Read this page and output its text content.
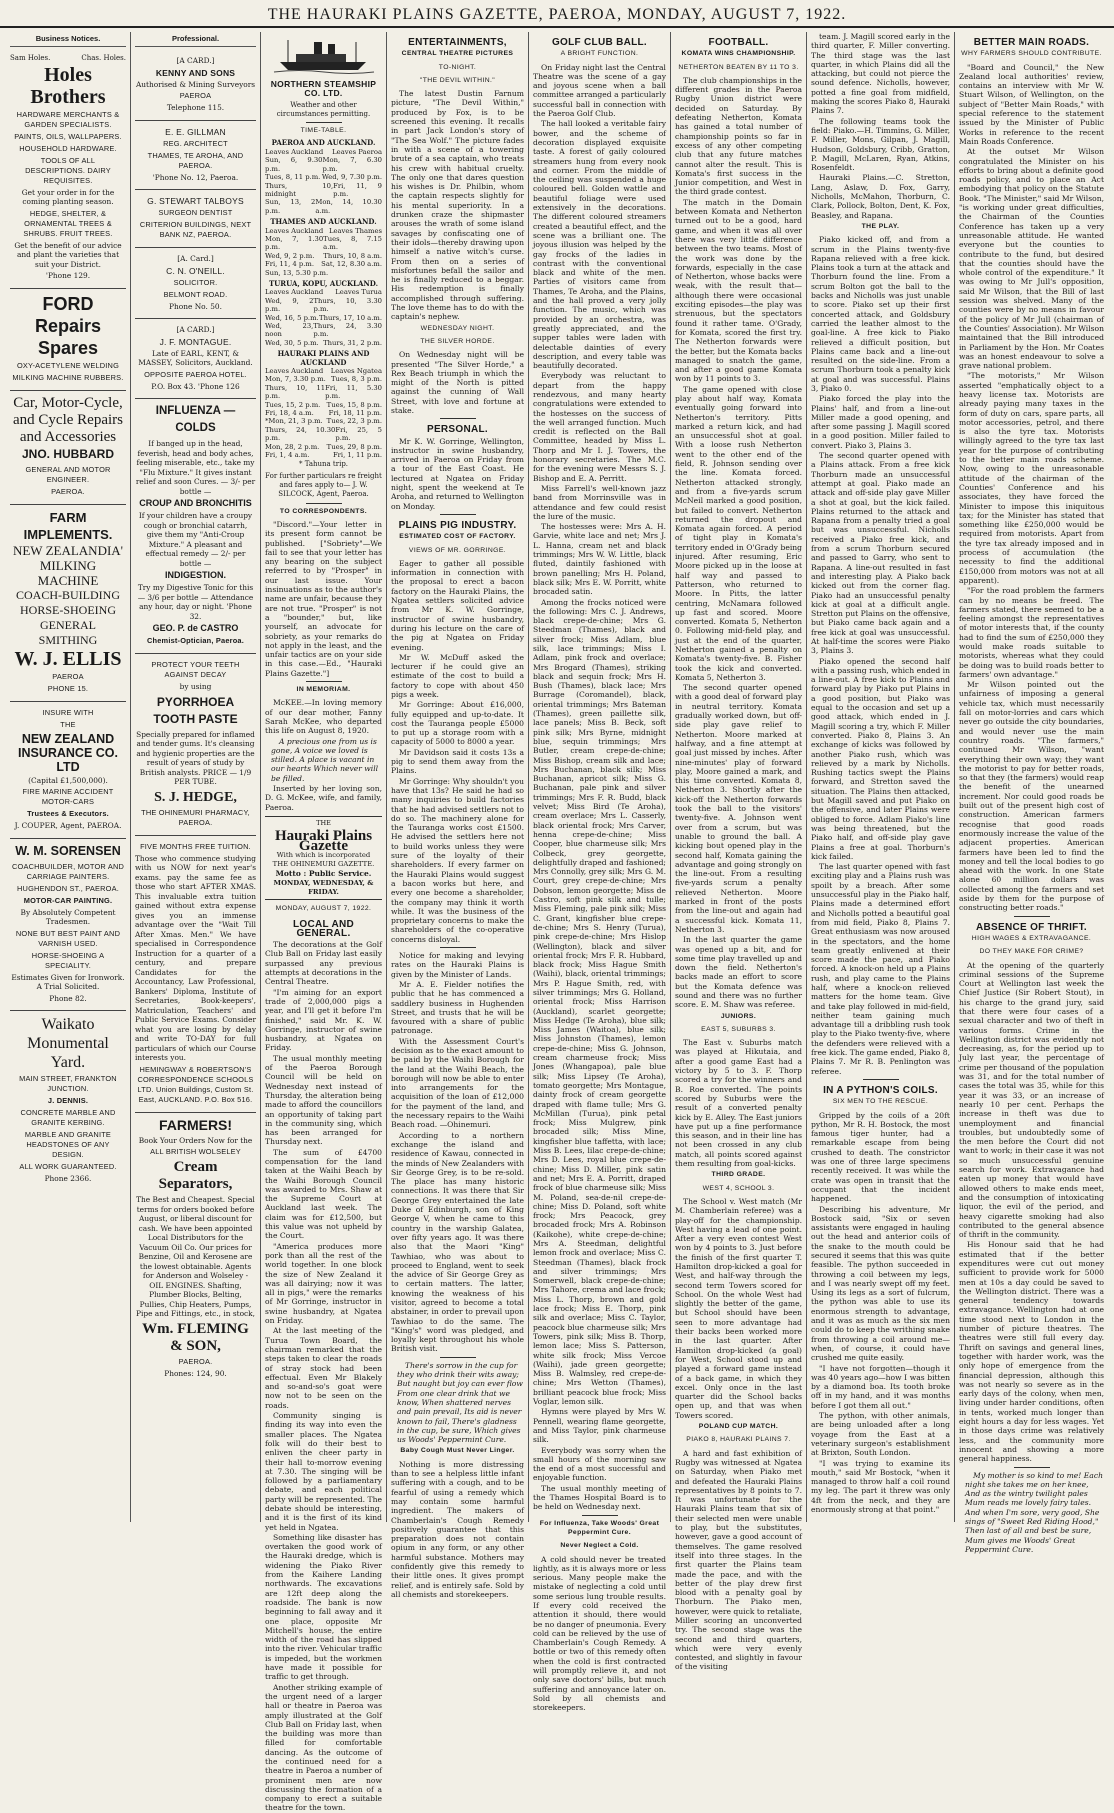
THE HAURAKI PLAINS GAZETTE, PAEROA, MONDAY, AUGUST 7, 1922.
Business Notices.
Sam Holes.	Chas. Holes.
Holes Brothers

HARDWARE MERCHANTS & GARDEN SPECIALISTS.

PAINTS, OILS, WALLPAPERS.

HOUSEHOLD HARDWARE.

TOOLS OF ALL DESCRIPTIONS. DAIRY REQUISITES.

Get your order in for the coming planting season.

HEDGE, SHELTER, & ORNAMENTAL TREES & SHRUBS. FRUIT TREES.

Get the benefit of our advice and plant the varieties that suit your District.

'Phone 129.

FORD Repairs Spares

OXY-ACETYLENE WELDING

MILKING MACHINE RUBBERS.

Car, Motor-Cycle, and Cycle Repairs and Accessories
JNO. HUBBARD

GENERAL AND MOTOR ENGINEER.

PAEROA.

FARM IMPLEMENTS.
NEW ZEALANDIA' MILKING MACHINE
COACH-BUILDING HORSE-SHOEING GENERAL SMITHING
W. J. ELLIS

PAEROA

PHONE 15.

INSURE WITH

THE

NEW ZEALAND INSURANCE CO. LTD

(Capital £1,500,000).

FIRE MARINE ACCIDENT MOTOR-CARS

Trustees & Executors.

J. COUPER, Agent, PAEROA.

W. M. SORENSEN

COACHBUILDER, MOTOR AND CARRIAGE PAINTERS.

HUGHENDON ST., PAEROA.

MOTOR-CAR PAINTING.

By Absolutely Competent Tradesmen.

NONE BUT BEST PAINT AND VARNISH USED.

HORSE-SHOEING A SPECIALITY.

Estimates Given for Ironwork. A Trial Solicited.

Phone 82.

Waikato Monumental Yard.

MAIN STREET, FRANKTON JUNCTION.

J. DENNIS.

CONCRETE MARBLE AND GRANITE KERBING.

MARBLE AND GRANITE HEADSTONES OF ANY DESIGN.

ALL WORK GUARANTEED.

Phone 2366.

Professional.

[A CARD.]

KENNY AND SONS

Authorised & Mining Surveyors

PAEROA

Telephone 115.

E. E. GILLMAN

REG. ARCHITECT

THAMES, TE AROHA, AND PAEROA.

'Phone No. 12, Paeroa.

G. STEWART TALBOYS

SURGEON DENTIST

CRITERION BUILDINGS, NEXT BANK NZ, PAEROA.

[A. Card.]

C. N. O'NEILL.

SOLICITOR.

BELMONT ROAD.

Phone No. 50.

[A CARD.]

J. F. MONTAGUE.

Late of EARL, KENT, & MASSEY, Solicitors, Auckland.

OPPOSITE PAEROA HOTEL.

P.O. Box 43. 'Phone 126

INFLUENZA — COLDS

If banged up in the head, feverish, head and body aches, feeling miserable, etc., take my "Flu Mixture." It gives instant relief and soon Cures. — 3/- per bottle —

CROUP AND BRONCHITIS

If your children have a croupy cough or bronchial catarrh, give them my "Anti-Croup Mixture." A pleasant and effectual remedy — 2/- per bottle —

INDIGESTION.

Try my Digestive Tonic for this — 3/6 per bottle — Attendance any hour, day or night. 'Phone 32.

GEO. P. de CASTRO

Chemist-Optician, Paeroa.

PROTECT YOUR TEETH AGAINST DECAY

by using

PYORRHOEA TOOTH PASTE

Specially prepared for inflamed and tender gums. It's cleansing and hygienic properties are the result of years of study by British analysts. PRICE — 1/9 PER TUBE.

S. J. HEDGE,

THE OHINEMURI PHARMACY, PAEROA.

FIVE MONTHS FREE TUITION.

Those who commence studying with us NOW for next year's exams. pay the same fee as those who start AFTER XMAS. This invaluable extra tuition gained without extra expense gives you an immense advantage over the "Wait Till After Xmas. Men." We have specialised in Correspondence Instruction for a quarter of a century, and prepare Candidates for the Accountancy, Law Professional, Bankers' Diploma, Institute of Secretaries, Book-keepers', Matriculation, Teachers' and Public Service Exams. Consider what you are losing by delay and write TO-DAY for full particulars of which our Course interests you.

HEMINGWAY & ROBERTSON'S CORRESPONDENCE SCHOOLS LTD. Union Buildings, Custom St. East, AUCKLAND. P.O. Box 516.

FARMERS!

Book Your Orders Now for the

ALL BRITISH WOLSELEY

Cream Separators,

The Best and Cheapest. Special terms for orders booked before August, or liberal discount for cash. We have been appointed Local Distributors for the Vacuum Oil Co. Our prices for Benzine, Oil and Kerosene are the lowest obtainable. Agents for Anderson and Wolseley - OIL ENGINES. Shafting, Plumber Blocks, Belting, Pullies, Chip Heaters, Pumps, Pipe and Fittings, etc., in stock,

Wm. FLEMING & SON,

PAEROA.

Phones: 124, 90.

NORTHERN STEAMSHIP CO. LTD.
Weather and other circumstances permitting.
TIME-TABLE.
PAEROA AND AUCKLAND.
Leaves Auckland Leaves Paeroa
Sun, 6, 9.30 p.m.
Mon, 7, 6.30 p.m.
Tues, 8, 11 p.m. Wed, 9, 7.30 p.m.
Thurs, 10, midnight
Fri, 11, 9 p.m.
Sun, 13, 2 p.m.
Mon, 14, 10.30 a.m.
THAMES AND AUCKLAND.
Leaves Auckland Leaves Thames
Mon, 7, 1.30 p.m.
Tues, 8, 7.15 a.m.
Wed, 9, 2 p.m. Thurs, 10, 8 a.m.
Fri, 11, 4 p.m. Sat, 12, 8.30 a.m.
Sun, 13, 5.30 p.m.
TURUA, KOPU, AUCKLAND.
Leaves Auckland Leaves Turua
Wed, 9, 2 p.m.
Thurs, 10, 3.30 p.m.
Wed, 16, 5 p.m. Thurs, 17, 10 a.m.
Wed, 23, noon
Thurs, 24, 3.30 p.m.
Wed, 30, 5 p.m. Thurs, 31, 2 p.m.
HAURAKI PLAINS AND AUCKLAND
Leaves Auckland Leaves Ngatea
Mon, 7, 3.30 p.m. Tues, 8, 3 p.m.
Thurs, 10, 11 p.m.
Fri, 11, 5.30 p.m.
Tues, 15, 2 p.m. Tues, 15, 8 p.m.
Fri, 18, 4 a.m. Fri, 18, 11 p.m.
*Mon, 21, 3 p.m. Tues, 22, 3 p.m.
Thurs, 24, 10.30 p.m.
Fri, 25, 5 p.m.
Mon, 28, 2 p.m. Tues, 29, 8 p.m.
Fri, 1, 4 a.m.	Fri, 1, 11 p.m.
* Tahuna trip.
For further particulars re freight and fares apply to— J. W. SILCOCK, Agent, Paeroa.
TO CORRESPONDENTS.

"Discord."—Your letter in its present form cannot be published. ["Sobriety"—We fail to see that your letter has any bearing on the subject referred to by "Prosper" in our last issue. Your insinuations as to the author's name are unfair, because they are not true. "Prosper" is not a "bounder," but, like yourself, an advocate for sobriety, as your remarks do not apply in the least, and the unfair tactics are on your side in this case.—Ed., "Hauraki Plains Gazette."]

IN MEMORIAM.

McKEE.—In loving memory of our dear mother, Fanny Sarah McKee, who departed this life on August 8, 1920.

A precious one from us is gone, A voice we loved is stilled. A place is vacant in our hearts Which never will be filled.

Inserted by her loving son, D. G. McKee, wife, and family, Paeroa.

THE
Hauraki Plains Gazette
With which is incorporated
THE OHINEMURI GAZETTE.
Motto : Public Service.
MONDAY, WEDNESDAY, & FRIDAY.
MONDAY, AUGUST 7, 1922.
LOCAL AND GENERAL.

The decorations at the Golf Club Ball on Friday last easily surpassed any previous attempts at decorations in the Central Theatre.

"I'm aiming for an export trade of 2,000,000 pigs a year, and I'll get it before I'm finished," said Mr. K. W. Gorringe, instructor of swine husbandry, at Ngatea on Friday.

The usual monthly meeting of the Paeroa Borough Council will be held on Wednesday next instead of Thursday, the alteration being made to afford the councillors an opportunity of taking part in the community sing, which has been arranged for Thursday next.

The sum of £4700 compensation for the land taken at the Waihi Beach by the Waihi Borough Council was awarded to Mrs. Shaw at the Supreme Court at Auckland last week. The claim was for £12,500, but this value was not upheld by the Court.

"America produces more pork than all the rest of the world together. In one block the size of New Zealand it was all dairying; now it was all in pigs," were the remarks of Mr Gorringe, instructor in swine husbandry, at Ngatea on Friday.

At the last meeting of the Turua Town Board, the chairman remarked that the steps taken to clear the roads of stray stock had been effectual. Even Mr Blakely and so-and-so's goat were now not to be seen on the roads.

Community singing is finding its way into even the smaller places. The Ngatea folk will do their best to enliven the cheer party in their hall to-morrow evening at 7.30. The singing will be followed by a parliamentary debate, and each political party will be represented. The debate should be interesting, and it is the first of its kind yet held in Ngatea.

Something like disaster has overtaken the good work of the Hauraki dredge, which is widening the Piako River from the Kaihere Landing northwards. The excavations are 12ft deep along the roadside. The bank is now beginning to fall away and it one place, opposite Mr Mitchell's house, the entire width of the road has slipped into the river. Vehicular traffic is impeded, but the workmen have made it possible for traffic to get through.

Another striking example of the urgent need of a larger hall or theatre in Paeroa was amply illustrated at the Golf Club Ball on Friday last, when the building was more than filled for comfortable dancing. As the outcome of the continued need for a theatre in Paeroa a number of prominent men are now discussing the formation of a company to erect a suitable theatre for the town.

ENTERTAINMENTS,
CENTRAL THEATRE PICTURES
TO-NIGHT.
"THE DEVIL WITHIN."

The latest Dustin Farnum picture, "The Devil Within," produced by Fox, is to be screened this evening. It recalls in part Jack London's story of "The Sea Wolf." The picture fades in with a scene of a towering brute of a sea captain, who treats his crew with habitual cruelty. The only one that dares question his wishes is Dr. Philbin, whom the captain respects slightly for his mental superiority. In a drunken craze the shipmaster arouses the wrath of some island savages by confiscating one of their idols—thereby drawing upon himself a native witch's curse. From then on a series of misfortunes befall the sailor and he is finally reduced to a beggar. His redemption is finally accomplished through suffering. The love theme has to do with the captain's nephew.

WEDNESDAY NIGHT.
THE SILVER HORDE.

On Wednesday night will be presented "The Silver Horde," a Rex Beach triumph in which the might of the North is pitted against the cunning of Wall Street, with love and fortune at stake.

PERSONAL.

Mr K. W. Gorringe, Wellington, instructor in swine husbandry, arrived in Paeroa on Friday from a tour of the East Coast. He lectured at Ngatea on Friday night, spent the weekend at Te Aroha, and returned to Wellington on Monday.

PLAINS PIG INDUSTRY.
ESTIMATED COST OF FACTORY.
VIEWS OF MR. GORRINGE.

Eager to gather all possible information in connection with the proposal to erect a bacon factory on the Hauraki Plains, the Ngatea settlers solicited advice from Mr K. W. Gorringe, instructor of swine husbandry, during his lecture on the care of the pig at Ngatea on Friday evening.

Mr W. McDuff asked the lecturer if he could give an estimate of the cost to build a factory to cope with about 450 pigs a week.

Mr Gorringe: About £16,000, fully equipped and up-to-date. It cost the Tauranga people £5000 to put up a storage room with a capacity of 5000 to 8000 a year.

Mr Davidson said it costs 13s a pig to send them away from the Plains.

Mr Gorringe: Why shouldn't you have that 13s? He said he had so many inquiries to build factories that he had advised settlers not to do so. The machinery alone for the Tauranga works cost £1500. He advised the settlers here not to build works unless they were sure of the loyalty of their shareholders. If every farmer on the Hauraki Plains would suggest a bacon works but here, and every one become a shareholder, the company may think it worth while. It was the business of the proprietary concerns to make the shareholders of the co-operative concerns disloyal.

Notice for making and levying rates on the Hauraki Plains is given by the Minister of Lands.

Mr A. E. Fielder notifies the public that he has commenced a saddlery business in Hughenden Street, and trusts that he will be favoured with a share of public patronage.

With the Assessment Court's decision as to the exact amount to be paid by the Waihi Borough for the land at the Waihi Beach, the borough will now be able to enter into arrangements for the acquisition of the loan of £12,000 for the payment of the land, and the necessary repairs to the Waihi Beach road. —Ohinemuri.

According to a northern exchange the island and residence of Kawau, connected in the minds of New Zealanders with Sir George Grey, is to be re-sold. The place has many historic connections. It was there that Sir George Grey entertained the late Duke of Edinburgh, son of King George V, when he came to this country in the warship Galatea, over fifty years ago. It was there also that the Maori "King" Tawhiao, who was about to proceed to England, went to seek the advice of Sir George Grey as to certain matters. The latter, knowing the weakness of his visitor, agreed to become a total abstainer, in order to prevail upon Tawhiao to do the same. The "King's" word was pledged, and loyally kept throughout his whole British visit.

There's sorrow in the cup for they who drink their wits away; But naught but joy can ever flow From one clear drink that we know, When shattered nerves and pain prevail, Its aid is never known to fail, There's gladness in the cup, be sure, Which gives us Woods' Peppermint Cure.

Baby Cough Must Never Linger.

Nothing is more distressing than to see a helpless little infant suffering with a cough, and to be fearful of using a remedy which may contain some harmful ingredient. The makers of Chamberlain's Cough Remedy positively guarantee that this preparation does not contain opium in any form, or any other harmful substance. Mothers may confidently give this remedy to their little ones. It gives prompt relief, and is entirely safe. Sold by all chemists and storekeepers.

GOLF CLUB BALL.
A BRIGHT FUNCTION.

On Friday night last the Central Theatre was the scene of a gay and joyous scene when a ball committee arranged a particularly successful ball in connection with the Paeroa Golf Club.

The hall looked a veritable fairy bower, and the scheme of decoration displayed exquisite taste. A forest of gaily coloured streamers hung from every nook and corner. From the middle of the ceiling was suspended a huge coloured bell. Golden wattle and beautiful foliage were used extensively in the decorations. The different coloured streamers created a beautiful effect, and the scene was a brilliant one. The joyous illusion was helped by the gay frocks of the ladies in contrast with the conventional black and white of the men. Parties of visitors came from Thames, Te Aroha, and the Plains, and the hall proved a very jolly function. The music, which was provided by an orchestra, was greatly appreciated, and the supper tables were laden with delectable dainties of every description, and every table was beautifully decorated.

Everybody was reluctant to depart from the happy rendezvous, and many hearty congratulations were extended to the hostesses on the success of the well arranged function. Much credit is reflected on the Ball Committee, headed by Miss L. Thorp and Mr I. J. Towers, the honorary secretaries. The M.C. for the evening were Messrs S. J. Bishop and E. A. Perritt.

Miss Farrell's well-known jazz band from Morrinsville was in attendance and few could resist the lure of the music.

The hostesses were: Mrs A. H. Garvie, white lace and net; Mrs J. L. Hanna, cream net and black trimmings; Mrs W. W. Little, black fluted, daintily fashioned with brown panelling; Mrs H. Poland, black silk; Mrs E. W. Porritt, white brocaded satin.

Among the frocks noticed were the following: Mrs C. J. Andrews, black crepe-de-chine; Mrs G. Steedman (Thames), black and silver frock; Miss Adlam, blue silk, lace trimmings; Miss I. Adlam, pink frock and overlace; Mrs Brogard (Thames), striking black and sequin frock; Mrs H. Bush (Thames), black lace; Mrs Burrage (Coromandel), black, oriental trimmings; Mrs Bateman (Thames), green paillette silk, lace panels; Miss B. Beck, soft pink silk; Mrs Byrne, midnight blue, sequin trimmings; Mrs Butler, cream crepe-de-chine; Miss Bishop, cream silk and lace; Mrs Buchanan, black silk; Miss Buchanan, apricot silk; Miss G. Buchanan, pale pink and silver trimmings; Mrs F. R. Budd, black velvet; Miss Bird (Te Aroha), cream overlace; Mrs L. Casserly, black oriental frock; Mrs Carver, henna crepe-de-chine; Miss Cooper, blue charmeuse silk; Mrs Colbeck, grey georgette, delightfully draped and fashioned; Mrs Connolly, grey silk; Mrs G. M. Court, grey crepe-de-chine; Mrs Dobson, lemon georgette; Miss de Castro, soft pink silk and tulle; Miss Fleming, pale pink silk; Miss C. Grant, kingfisher blue crepe-de-chine; Mrs S. Henry (Turua), pink crepe-de-chine; Mrs Hislop (Wellington), black and silver oriental frock; Mrs F. R. Hubbard, black frock; Miss Hague Smith (Waihi), black, oriental trimmings; Mrs P. Hague Smith, red, with silver trimmings; Mrs G. Holland, oriental frock; Miss Harrison (Auckland), scarlet georgette; Miss Hedge (Te Aroha), blue silk; Miss James (Waitoa), blue silk; Miss Johnston (Thames), lemon crepe-de-chine; Miss G. Johnson, cream charmeuse frock; Miss Jones (Whangapoa), pale blue silk; Miss Lipsey (Te Aroha), tomato georgette; Mrs Montague, dainty frock of cream georgette draped with flame tulle; Mrs G. McMillan (Turua), pink petal frock; Miss Mulgrew, pink brocaded silk; Miss Mine, kingfisher blue taffetta, with lace; Miss B. Lees, lilac crepe-de-chine; Mrs D. Lees, royal blue crepe-de-chine; Miss D. Miller, pink satin and net; Mrs E. A. Porritt, draped frock of blue charmeuse silk; Miss M. Poland, sea-de-nil crepe-de-chine; Miss D. Poland, soft white frock; Mrs Peacock, grey brocaded frock; Mrs A. Robinson (Kaikohe), white crepe-de-chine; Mrs A. Steedman, delightful lemon frock and overlace; Miss C. Steedman (Thames), black frock and silver trimmings; Mrs Somerwell, black crepe-de-chine; Mrs Tahore, crema and lace frock; Miss L. Thorp, brown and gold lace frock; Miss E. Thorp, pink silk and overlace; Miss C. Taylor, peacock blue charmeuse silk; Mrs Towers, pink silk; Miss B. Thorp, lemon lace; Miss S. Patterson, white silk frock; Miss Vercoe (Waihi), jade green georgette; Miss B. Walmsley, red crepe-de-chine; Mrs Wetton (Thames), brilliant peacock blue frock; Miss Voglar, lemon silk.

Hymns were played by Mrs W. Pennell, wearing flame georgette, and Miss Taylor, pink charmeuse silk.

Everybody was sorry when the small hours of the morning saw the end of a most successful and enjoyable function.

The usual monthly meeting of the Thames Hospital Board is to be held on Wednesday next.

For Influenza, Take Woods' Great Peppermint Cure.
Never Neglect a Cold.

A cold should never be treated lightly, as it is always more or less serious. Many people make the mistake of neglecting a cold until some serious lung trouble results. If every cold received the attention it should, there would be no danger of pneumonia. Every cold can be relieved by the use of Chamberlain's Cough Remedy. A bottle or two of this remedy often when the cold is first contracted will promptly relieve it, and not only save doctors' bills, but much suffering and annoyance later on. Sold by all chemists and storekeepers.

FOOTBALL.
KOMATA WINS CHAMPIONSHIP.
NETHERTON BEATEN BY 11 TO 3.

The club championships in the different grades in the Paeroa Rugby Union district were decided on Saturday. By defeating Netherton, Komata has gained a total number of championship points so far in excess of any other competing club that any future matches cannot alter the result. This is Komata's first success in the Junior competition, and West in the third grade contest.

The match in the Domain between Komata and Netherton turned out to be a good, hard game, and when it was all over there was very little difference between the two teams. Most of the work was done by the forwards, especially in the case of Netherton, whose backs were weak, with the result that—although there were occasional exciting episodes—the play was strenuous, but the spectators found it rather tame. O'Grady, for Komata, scored the first try. The Netherton forwards were the better, but the Komata backs managed to snatch the game, and after a good game Komata won by 11 points to 3.

The game opened with close play about half way, Komata eventually going forward into Netherton's territory. Pitts marked a return kick, and had an unsuccessful shot at goal. With a loose rush Netherton went to the other end of the field, R. Johnson sending over the line. Komata forced. Netherton attacked strongly, and from a five-yards scrum McNeil marked a good position, but failed to convert. Netherton returned the dropout and Komata again forced. A period of tight play in Komata's territory ended in O'Grady being injured. After resuming, Eric Moore picked up in the loose at half way and passed to Patterson, who returned to Moore. In Pitts, the latter centring, McNamara followed up fast and scored. Moore converted. Komata 5, Netherton 0. Following mid-field play, and just at the end of the quarter, Netherton gained a penalty on Komata's twenty-five. B. Fisher took the kick and converted. Komata 5, Netherton 3.

The second quarter opened with a good deal of forward play in neutral territory. Komata gradually worked down, but off-side play gave relief to Netherton. Moore marked at halfway, and a fine attempt at goal just missed by inches. After nine-minutes' play of forward play, Moore gained a mark, and this time converted. Komata 8, Netherton 3. Shortly after the kick-off the Netherton forwards took the ball to the visitors' twenty-five. A. Johnson went over from a scrum, but was unable to ground the ball. A kicking bout opened play in the second half, Komata gaining the advantage and going strongly on the line-out. From a resulting five-yards scrum a penalty relieved Netherton. Moore marked in front of the posts from the line-out and again had a successful kick. Komata 11, Netherton 3.

In the last quarter the game was opened up a bit, and for some time play travelled up and down the field. Netherton's backs made an effort to score but the Komata defence was sound and there was no further score. E. M. Shaw was referee.

JUNIORS.
EAST 5, SUBURBS 3.

The East v. Suburbs match was played at Hikutaia, and after a good game East had a victory by 5 to 3. F. Thorp scored a try for the winners and B. Roe converted. The points scored by Suburbs were the result of a converted penalty kick by E. Alley. The East juniors have put up a fine performance this season, and in their line has not been crossed in any club match, all points scored against them resulting from goal-kicks.

THIRD GRADE.
WEST 4, SCHOOL 3.

The School v. West match (Mr M. Chamberlain referee) was a play-off for the championship. West having a lead of one point. After a very even contest West won by 4 points to 3. Just before the finish of the first quarter T. Hamilton drop-kicked a goal for West, and half-way through the second term Towers scored for School. On the whole West had slightly the better of the game, but School should have been seen to more advantage had their backs been worked more in the last quarter. After Hamilton drop-kicked (a goal) for West, School stood up and played a forward game instead of a back game, in which they excel. Only once in the last quarter did the School backs open up, and that was when Towers scored.

POLAND CUP MATCH.
PIAKO 8, HAURAKI PLAINS 7.

A hard and fast exhibition of Rugby was witnessed at Ngatea on Saturday, when Piako met and defeated the Hauraki Plains representatives by 8 points to 7. It was unfortunate for the Hauraki Plains team that six of their selected men were unable to play, but the substitutes, however, gave a good account of themselves. The game resolved itself into three stages. In the first quarter the Plains team made the pace, and with the better of the play drew first blood with a penalty goal by Thorburn. The Piako men, however, were quick to retaliate, Miller scoring an unconverted try. The second stage was the second and third quarters, which were very evenly contested, and slightly in favour of the visiting

team. J. Magill scored early in the third quarter, F. Miller converting. The third stage was the last quarter, in which Plains did all the attacking, but could not pierce the sound defence. Nicholls, however, potted a fine goal from midfield, making the scores Piako 8, Hauraki Plains 7.

The following teams took the field: Piako.—H. Timmins, G. Miller, F. Miller, Mons, Gilpan, J. Magill, Hudson, Goldsbury, Cribb, Gratton, P. Magill, McLaren, Ryan, Atkins, Rosenfeldt.

Hauraki Plains.—C. Stretton, Lang, Aslaw, D. Fox, Garry, Nicholls, McMahon, Thorburn, C. Clark, Pollock, Bolton, Dent, K. Fox, Beasley, and Rapana.

THE PLAY.

Piako kicked off, and from a scrum in the Plains twenty-five Rapana relieved with a free kick. Plains took a turn at the attack and Thorburn found the line. From a scrum Bolton got the ball to the backs and Nicholls was just unable to score. Piako set up their first concerted attack, and Goldsbury carried the leather almost to the goal-line. A free kick to Piako relieved a difficult position, but Plains came back and a line-out resulted on the side-line. From a scrum Thorburn took a penalty kick at goal and was successful. Plains 3, Piako 0.

Piako forced the play into the Plains' half, and from a line-out Miller made a good opening, and after some passing J. Magill scored in a good position. Miller failed to convert. Piako 3, Plains 3.

The second quarter opened with a Plains attack. From a free kick Thorburn made an unsuccessful attempt at goal. Piako made an attack and off-side play gave Miller a shot at goal, but the kick failed. Plains returned to the attack and Rapana from a penalty tried a goal but was unsuccessful. Nicholls received a Piako free kick, and from a scrum Thorburn secured and passed to Garry, who sent to Rapana. A line-out resulted in fast and interesting play. A Piako back kicked out from the corner flag. Piako had an unsuccessful penalty kick at goal at a difficult angle. Stretton put Plains on the offensive, but Piako came back again and a free kick at goal was unsuccessful. At half-time the scores were Piako 3, Plains 3.

Piako opened the second half with a passing rush, which ended in a line-out. A free kick to Plains and forward play by Piako put Plains in a good position, but Piako was equal to the occasion and set up a good attack, which ended in J. Magill scoring a try, which F. Miller converted. Piako 8, Plains 3. An exchange of kicks was followed by another Piako rush, which was relieved by a mark by Nicholls. Rushing tactics swept the Plains forward, and Stretton saved the situation. The Plains then attacked, but Magill saved and put Piako on the offensive, and later Plains were obliged to force. Adlam Piako's line was being threatened, but the Piako half, and off-side play gave Plains a free at goal. Thorburn's kick failed.

The last quarter opened with fast exciting play and a Plains rush was spoilt by a breach. After some unsuccessful play in the Piako half, Plains made a determined effort and Nicholls potted a beautiful goal from mid field, Piako 8, Plains 7. Great enthusiasm was now aroused in the spectators, and the home team greatly enlivened at their score made the pace, and Piako forced. A knock-on held up a Plains rush, and play came to the Plains half, where a knock-on relieved matters for the home team. Give and take play followed in mid-field, neither team gaining much advantage till a dribbling rush took play to the Piako twenty-five, where the defenders were relieved with a free kick. The game ended, Piako 8, Plains 7. Mr R. B. Penlington was referee.

IN A PYTHON'S COILS.
SIX MEN TO THE RESCUE.

Gripped by the coils of a 20ft python, Mr R. H. Bostock, the most famous tiger hunter, had a remarkable escape from being crushed to death. The constrictor was one of three large specimens recently received. It was while the crate was open in transit that the occupant that the incident happened.

Describing his adventure, Mr Bostock said, "Six or seven assistants were engaged in hauling out the head and anterior coils of the snake to the mouth could be secured it seems that this was quite feasible. The python succeeded in throwing a coil between my legs, and I was nearly swept off my feet. Using its legs as a sort of fulcrum, the python was able to use its enormous strength to advantage, and it was as much as the six men could do to keep the writhing snake from throwing a coil around me—when, of course, it could have crushed me quite easily.

"I have not forgotten—though it was 40 years ago—how I was bitten by a diamond boa. Its tooth broke off in my hand, and it was months before I got them all out."

The python, with other animals, are being unloaded after a long voyage from the East at a veterinary surgeon's establishment at Brixton, South London.

"I was trying to examine its mouth," said Mr Bostock, "when it managed to throw half a coil round my leg. The part it threw was only 4ft from the neck, and they are enormously strong at that point."

BETTER MAIN ROADS.
WHY FARMERS SHOULD CONTRIBUTE.

"Board and Council," the New Zealand local authorities' review, contains an interview with Mr W. Stuart Wilson, of Wellington, on the subject of "Better Main Roads," with special reference to the statement issued by the Minister of Public Works in reference to the recent Main Roads Conference.

At the outset Mr Wilson congratulated the Minister on his efforts to bring about a definite good roads policy, and to place an Act embodying that policy on the Statute Book. "The Minister," said Mr Wilson, "is working under great difficulties, the Chairman of the Counties Conference has taken up a very unreasonable attitude. He wanted everyone but the counties to contribute to the fund, but desired that the counties should have the whole control of the expenditure." It was owing to Mr Jull's opposition, said Mr Wilson, that the Bill of last session was shelved. Many of the counties were by no means in favour of the policy of Mr Jull (chairman of the Counties' Association). Mr Wilson maintained that the Bill introduced in Parliament by the Hon. Mr Coates was an honest endeavour to solve a grave national problem.

"The motorists," Mr Wilson asserted "emphatically object to a heavy license tax. Motorists are already paying many taxes in the form of duty on cars, spare parts, all motor accessories, petrol, and there is also the tyre tax. Motorists willingly agreed to the tyre tax last year for the purpose of contributing to the better main roads scheme. Now, owing to the unreasonable attitude of the chairman of the Counties' Conference and his associates, they have forced the Minister to impose this iniquitous tax; for the Minister has stated that something like £250,000 would be required from motorists. Apart from the tyre tax already imposed and in process of accumulation (the necessity to find the additional £150,000 from motors was not at all apparent).

"For the road problem the farmers can by no means be freed. The farmers stated, there seemed to be a feeling amongst the representatives of motor interests that, if the county had to find the sum of £250,000 they would make roads suitable to motorists, whereas what they could be doing was to build roads better to farmers' own advantage."

Mr Wilson pointed out the unfairness of imposing a general vehicle tax, which must necessarily fall on motor-lorries and cars which never go outside the city boundaries, and would never use the main country roads. "The farmers," continued Mr Wilson, "want everything their own way; they want the motorist to pay for better roads, so that they (the farmers) would reap the benefit of the unearned increment. Nor could good roads be built out of the present high cost of construction. American farmers recognise that good roads enormously increase the value of the adjacent properties. American farmers have been led to find the money and tell the local bodies to go ahead with the work. In one State alone 60 million dollars was collected among the farmers and set aside by them for the purpose of constructing better roads."

ABSENCE OF THRIFT.
HIGH WAGES & EXTRAVAGANCE.
DO THEY MAKE FOR CRIME?

At the opening of the quarterly criminal sessions of the Supreme Court at Wellington last week the Chief Justice (Sir Robert Stout), in his charge to the grand jury, said that there were four cases of a sexual character and two of theft in various forms. Crime in the Wellington district was evidently not decreasing, as, for the period up to July last year, the percentage of crime per thousand of the population was 31, and for the total number of cases the total was 35, while for this year it was 33, or an increase of nearly 10 per cent. Perhaps the increase in theft was due to unemployment and financial troubles, but undoubtedly some of the men before the Court did not want to work; in their case it was not so much unsuccessful genuine search for work. Extravagance had eaten up money that would have allowed others to make ends meet, and the consumption of intoxicating liquor, the evil of the period, and heavy cigarette smoking had also contributed to the general absence of thrift in the community.

His Honour said that he had estimated that if the better expenditures were cut out money sufficient to provide work for 5000 men at 10s a day could be saved to the Wellington district. There was a general tendency towards extravagance. Wellington had at one time stood next to London in the number of picture theatres. The theatres were still full every day. Thrift on savings and general lines, together with harder work, was the only hope of emergence from the financial depression, although this was not nearly so severe as in the early days of the colony, when men, living under harder conditions, often in tents, worked much longer than eight hours a day for less wages. Yet in those days crime was relatively less, and the community more innocent and showing a more general happiness.

My mother is so kind to me! Each night she takes me on her knee, And as the wintry twilight pales Mum reads me lovely fairy tales. And when I'm sore, very good, She sings of "Sweet Red Riding Hood," Then last of all and best be sure, Mum gives me Woods' Great Peppermint Cure.
